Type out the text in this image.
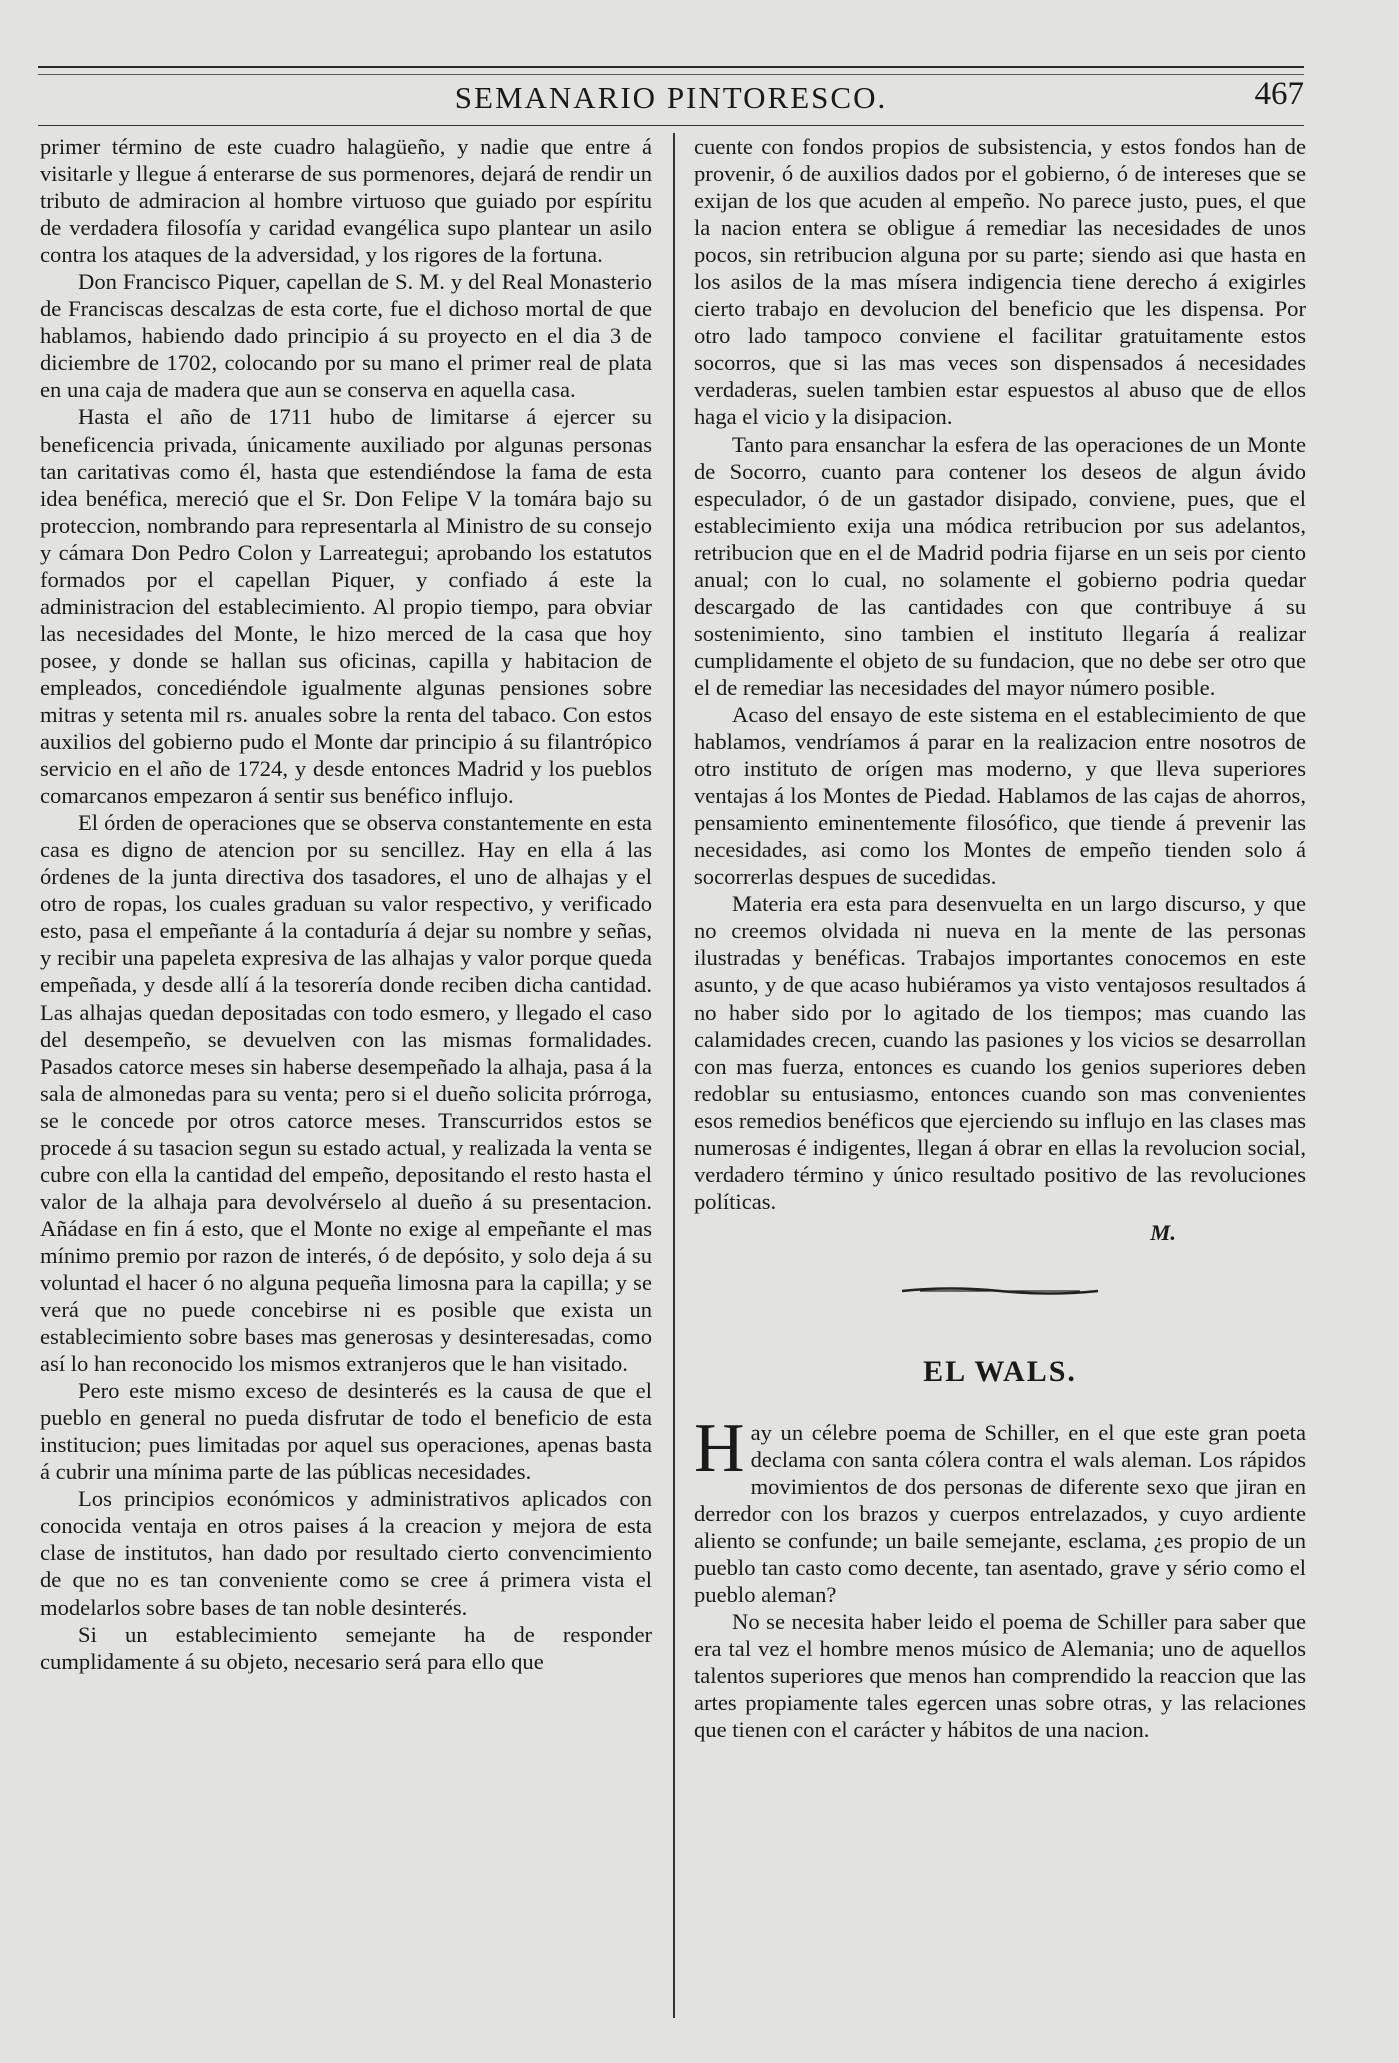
SEMANARIO PINTORESCO.	467

primer término de este cuadro halagüeño, y nadie que entre á visitarle y llegue á enterarse de sus pormenores, dejará de rendir un tributo de admiracion al hombre virtuoso que guiado por espíritu de verdadera filosofía y caridad evangélica supo plantear un asilo contra los ataques de la adversidad, y los rigores de la fortuna.

Don Francisco Piquer, capellan de S. M. y del Real Monasterio de Franciscas descalzas de esta corte, fue el dichoso mortal de que hablamos, habiendo dado principio á su proyecto en el dia 3 de diciembre de 1702, colocando por su mano el primer real de plata en una caja de madera que aun se conserva en aquella casa.

Hasta el año de 1711 hubo de limitarse á ejercer su beneficencia privada, únicamente auxiliado por algunas personas tan caritativas como él, hasta que estendiéndose la fama de esta idea benéfica, mereció que el Sr. Don Felipe V la tomára bajo su proteccion, nombrando para representarla al Ministro de su consejo y cámara Don Pedro Colon y Larreategui; aprobando los estatutos formados por el capellan Piquer, y confiado á este la administracion del establecimiento. Al propio tiempo, para obviar las necesidades del Monte, le hizo merced de la casa que hoy posee, y donde se hallan sus oficinas, capilla y habitacion de empleados, concediéndole igualmente algunas pensiones sobre mitras y setenta mil rs. anuales sobre la renta del tabaco. Con estos auxilios del gobierno pudo el Monte dar principio á su filantrópico servicio en el año de 1724, y desde entonces Madrid y los pueblos comarcanos empezaron á sentir sus benéfico influjo.

El órden de operaciones que se observa constantemente en esta casa es digno de atencion por su sencillez. Hay en ella á las órdenes de la junta directiva dos tasadores, el uno de alhajas y el otro de ropas, los cuales graduan su valor respectivo, y verificado esto, pasa el empeñante á la contaduría á dejar su nombre y señas, y recibir una papeleta expresiva de las alhajas y valor porque queda empeñada, y desde allí á la tesorería donde reciben dicha cantidad. Las alhajas quedan depositadas con todo esmero, y llegado el caso del desempeño, se devuelven con las mismas formalidades. Pasados catorce meses sin haberse desempeñado la alhaja, pasa á la sala de almonedas para su venta; pero si el dueño solicita prórroga, se le concede por otros catorce meses. Transcurridos estos se procede á su tasacion segun su estado actual, y realizada la venta se cubre con ella la cantidad del empeño, depositando el resto hasta el valor de la alhaja para devolvérselo al dueño á su presentacion. Añádase en fin á esto, que el Monte no exige al empeñante el mas mínimo premio por razon de interés, ó de depósito, y solo deja á su voluntad el hacer ó no alguna pequeña limosna para la capilla; y se verá que no puede concebirse ni es posible que exista un establecimiento sobre bases mas generosas y desinteresadas, como así lo han reconocido los mismos extranjeros que le han visitado.

Pero este mismo exceso de desinterés es la causa de que el pueblo en general no pueda disfrutar de todo el beneficio de esta institucion; pues limitadas por aquel sus operaciones, apenas basta á cubrir una mínima parte de las públicas necesidades.

Los principios económicos y administrativos aplicados con conocida ventaja en otros paises á la creacion y mejora de esta clase de institutos, han dado por resultado cierto convencimiento de que no es tan conveniente como se cree á primera vista el modelarlos sobre bases de tan noble desinterés.

Si un establecimiento semejante ha de responder cumplidamente á su objeto, necesario será para ello que

cuente con fondos propios de subsistencia, y estos fondos han de provenir, ó de auxilios dados por el gobierno, ó de intereses que se exijan de los que acuden al empeño. No parece justo, pues, el que la nacion entera se obligue á remediar las necesidades de unos pocos, sin retribucion alguna por su parte; siendo asi que hasta en los asilos de la mas mísera indigencia tiene derecho á exigirles cierto trabajo en devolucion del beneficio que les dispensa. Por otro lado tampoco conviene el facilitar gratuitamente estos socorros, que si las mas veces son dispensados á necesidades verdaderas, suelen tambien estar espuestos al abuso que de ellos haga el vicio y la disipacion.

Tanto para ensanchar la esfera de las operaciones de un Monte de Socorro, cuanto para contener los deseos de algun ávido especulador, ó de un gastador disipado, conviene, pues, que el establecimiento exija una módica retribucion por sus adelantos, retribucion que en el de Madrid podria fijarse en un seis por ciento anual; con lo cual, no solamente el gobierno podria quedar descargado de las cantidades con que contribuye á su sostenimiento, sino tambien el instituto llegaría á realizar cumplidamente el objeto de su fundacion, que no debe ser otro que el de remediar las necesidades del mayor número posible.

Acaso del ensayo de este sistema en el establecimiento de que hablamos, vendríamos á parar en la realizacion entre nosotros de otro instituto de orígen mas moderno, y que lleva superiores ventajas á los Montes de Piedad. Hablamos de las cajas de ahorros, pensamiento eminentemente filosófico, que tiende á prevenir las necesidades, asi como los Montes de empeño tienden solo á socorrerlas despues de sucedidas.

Materia era esta para desenvuelta en un largo discurso, y que no creemos olvidada ni nueva en la mente de las personas ilustradas y benéficas. Trabajos importantes conocemos en este asunto, y de que acaso hubiéramos ya visto ventajosos resultados á no haber sido por lo agitado de los tiempos; mas cuando las calamidades crecen, cuando las pasiones y los vicios se desarrollan con mas fuerza, entonces es cuando los genios superiores deben redoblar su entusiasmo, entonces cuando son mas convenientes esos remedios benéficos que ejerciendo su influjo en las clases mas numerosas é indigentes, llegan á obrar en ellas la revolucion social, verdadero término y único resultado positivo de las revoluciones políticas.

M.

EL WALS.

Hay un célebre poema de Schiller, en el que este gran poeta declama con santa cólera contra el wals aleman. Los rápidos movimientos de dos personas de diferente sexo que jiran en derredor con los brazos y cuerpos entrelazados, y cuyo ardiente aliento se confunde; un baile semejante, esclama, ¿es propio de un pueblo tan casto como decente, tan asentado, grave y sério como el pueblo aleman?

No se necesita haber leido el poema de Schiller para saber que era tal vez el hombre menos músico de Alemania; uno de aquellos talentos superiores que menos han comprendido la reaccion que las artes propiamente tales egercen unas sobre otras, y las relaciones que tienen con el carácter y hábitos de una nacion.
